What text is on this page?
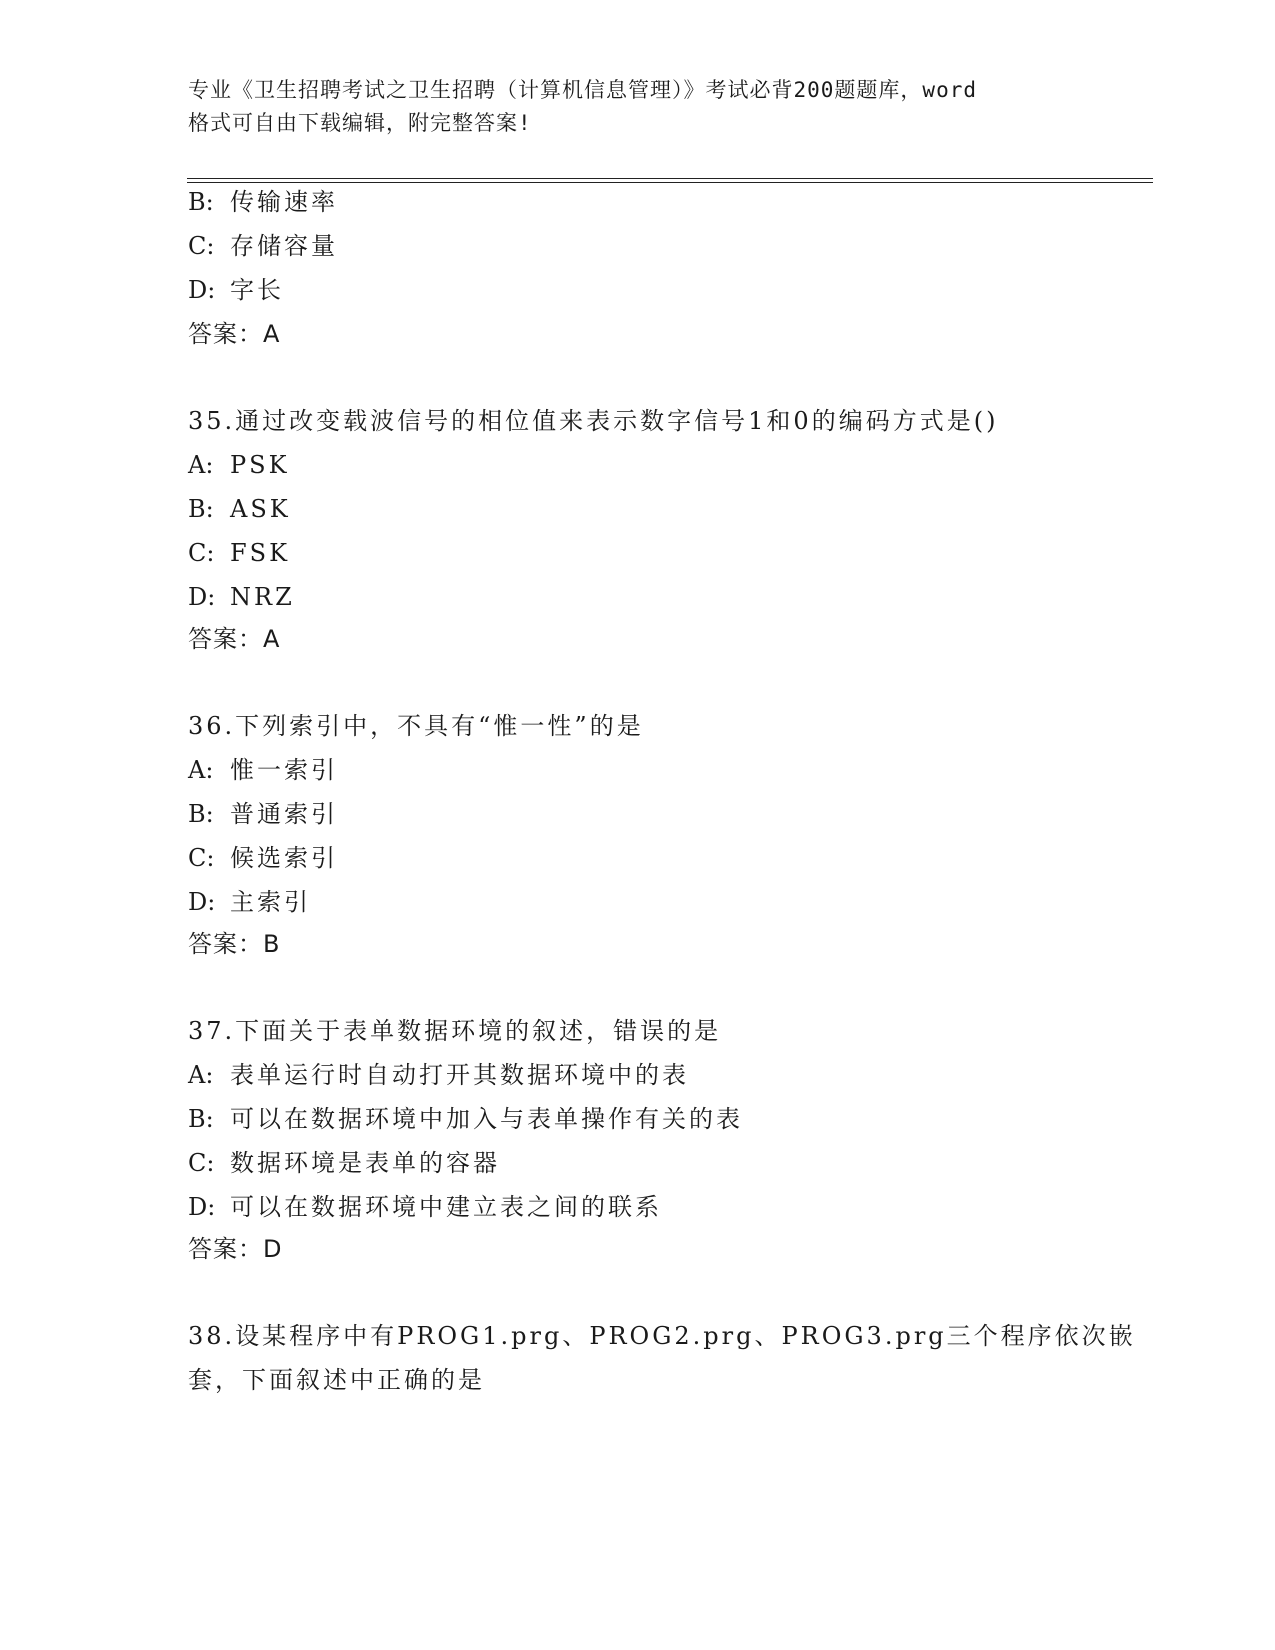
专业《卫生招聘考试之卫生招聘（计算机信息管理）》考试必背200题题库，word
格式可自由下载编辑，附完整答案!
B: 传输速率
C: 存储容量
D: 字长
答案：A
35.通过改变载波信号的相位值来表示数字信号1和0的编码方式是()
A: PSK
B: ASK
C: FSK
D: NRZ
答案：A
36.下列索引中，不具有“惟一性”的是
A: 惟一索引
B: 普通索引
C: 候选索引
D: 主索引
答案：B
37.下面关于表单数据环境的叙述，错误的是
A: 表单运行时自动打开其数据环境中的表
B: 可以在数据环境中加入与表单操作有关的表
C: 数据环境是表单的容器
D: 可以在数据环境中建立表之间的联系
答案：D
38.设某程序中有PROG1.prg、PROG2.prg、PROG3.prg三个程序依次嵌
套，下面叙述中正确的是
